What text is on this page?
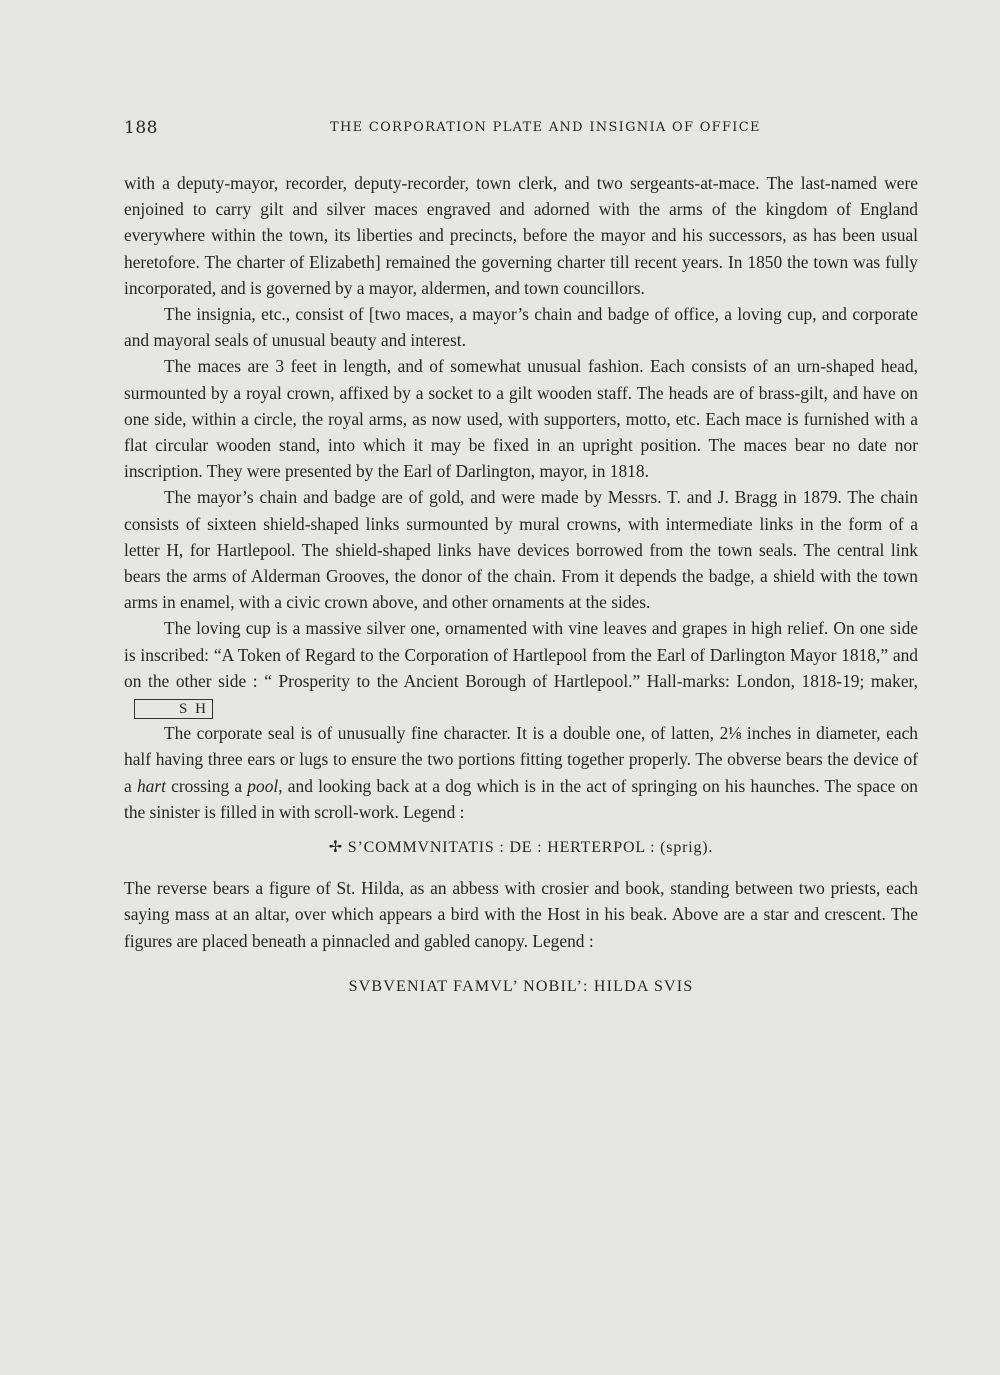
188	THE CORPORATION PLATE AND INSIGNIA OF OFFICE

with a deputy-mayor, recorder, deputy-recorder, town clerk, and two sergeants-at-mace. The last-named were enjoined to carry gilt and silver maces engraved and adorned with the arms of the kingdom of England everywhere within the town, its liberties and precincts, before the mayor and his successors, as has been usual heretofore. The charter of Elizabeth] remained the governing charter till recent years. In 1850 the town was fully incorporated, and is governed by a mayor, aldermen, and town councillors.

The insignia, etc., consist of [two maces, a mayor’s chain and badge of office, a loving cup, and corporate and mayoral seals of unusual beauty and interest.

The maces are 3 feet in length, and of somewhat unusual fashion. Each consists of an urn-shaped head, surmounted by a royal crown, affixed by a socket to a gilt wooden staff. The heads are of brass-gilt, and have on one side, within a circle, the royal arms, as now used, with supporters, motto, etc. Each mace is furnished with a flat circular wooden stand, into which it may be fixed in an upright position. The maces bear no date nor inscription. They were presented by the Earl of Darlington, mayor, in 1818.

The mayor’s chain and badge are of gold, and were made by Messrs. T. and J. Bragg in 1879. The chain consists of sixteen shield-shaped links surmounted by mural crowns, with intermediate links in the form of a letter H, for Hartlepool. The shield-shaped links have devices borrowed from the town seals. The central link bears the arms of Alderman Grooves, the donor of the chain. From it depends the badge, a shield with the town arms in enamel, with a civic crown above, and other ornaments at the sides.

The loving cup is a massive silver one, ornamented with vine leaves and grapes in high relief. On one side is inscribed: “A Token of Regard to the Corporation of Hartlepool from the Earl of Darlington Mayor 1818,” and on the other side : “ Prosperity to the Ancient Borough of Hartlepool.” Hall-marks: London, 1818-19; maker,S H

The corporate seal is of unusually fine character. It is a double one, of latten, 2⅛ inches in diameter, each half having three ears or lugs to ensure the two portions fitting together properly. The obverse bears the device of a hart crossing a pool, and looking back at a dog which is in the act of springing on his haunches. The space on the sinister is filled in with scroll-work. Legend :

✢ S’COMMVNITATIS : DE : HERTERPOL : (sprig).

The reverse bears a figure of St. Hilda, as an abbess with crosier and book, standing between two priests, each saying mass at an altar, over which appears a bird with the Host in his beak. Above are a star and crescent. The figures are placed beneath a pinnacled and gabled canopy. Legend :

SVBVENIAT FAMVL’ NOBIL’: HILDA SVIS
